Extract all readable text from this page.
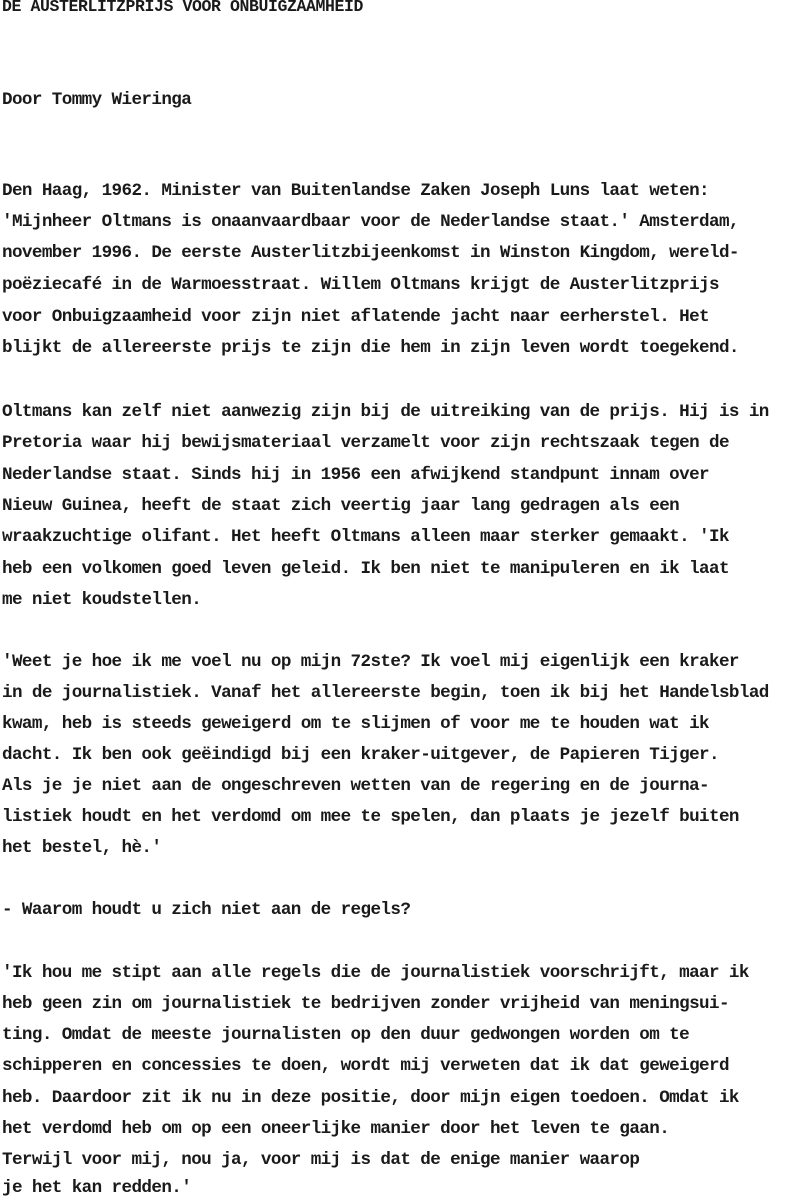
DE AUSTERLITZPRIJS VOOR ONBUIGZAAMHEID
Door Tommy Wieringa
Den Haag, 1962. Minister van Buitenlandse Zaken Joseph Luns laat weten:
'Mijnheer Oltmans is onaanvaardbaar voor de Nederlandse staat.' Amsterdam,
november 1996. De eerste Austerlitzbijeenkomst in Winston Kingdom, wereld-
poëziecafé in de Warmoesstraat. Willem Oltmans krijgt de Austerlitzprijs
voor Onbuigzaamheid voor zijn niet aflatende jacht naar eerherstel. Het
blijkt de allereerste prijs te zijn die hem in zijn leven wordt toegekend.
Oltmans kan zelf niet aanwezig zijn bij de uitreiking van de prijs. Hij is in
Pretoria waar hij bewijsmateriaal verzamelt voor zijn rechtszaak tegen de
Nederlandse staat. Sinds hij in 1956 een afwijkend standpunt innam over
Nieuw Guinea, heeft de staat zich veertig jaar lang gedragen als een
wraakzuchtige olifant. Het heeft Oltmans alleen maar sterker gemaakt. 'Ik
heb een volkomen goed leven geleid. Ik ben niet te manipuleren en ik laat
me niet koudstellen.
'Weet je hoe ik me voel nu op mijn 72ste? Ik voel mij eigenlijk een kraker
in de journalistiek. Vanaf het allereerste begin, toen ik bij het Handelsblad
kwam, heb is steeds geweigerd om te slijmen of voor me te houden wat ik
dacht. Ik ben ook geëindigd bij een kraker-uitgever, de Papieren Tijger.
Als je je niet aan de ongeschreven wetten van de regering en de journa-
listiek houdt en het verdomd om mee te spelen, dan plaats je jezelf buiten
het bestel, hè.'
- Waarom houdt u zich niet aan de regels?
'Ik hou me stipt aan alle regels die de journalistiek voorschrijft, maar ik
heb geen zin om journalistiek te bedrijven zonder vrijheid van meningsui-
ting. Omdat de meeste journalisten op den duur gedwongen worden om te
schipperen en concessies te doen, wordt mij verweten dat ik dat geweigerd
heb. Daardoor zit ik nu in deze positie, door mijn eigen toedoen. Omdat ik
het verdomd heb om op een oneerlijke manier door het leven te gaan.
Terwijl voor mij, nou ja, voor mij is dat de enige manier waarop
je het kan redden.'
